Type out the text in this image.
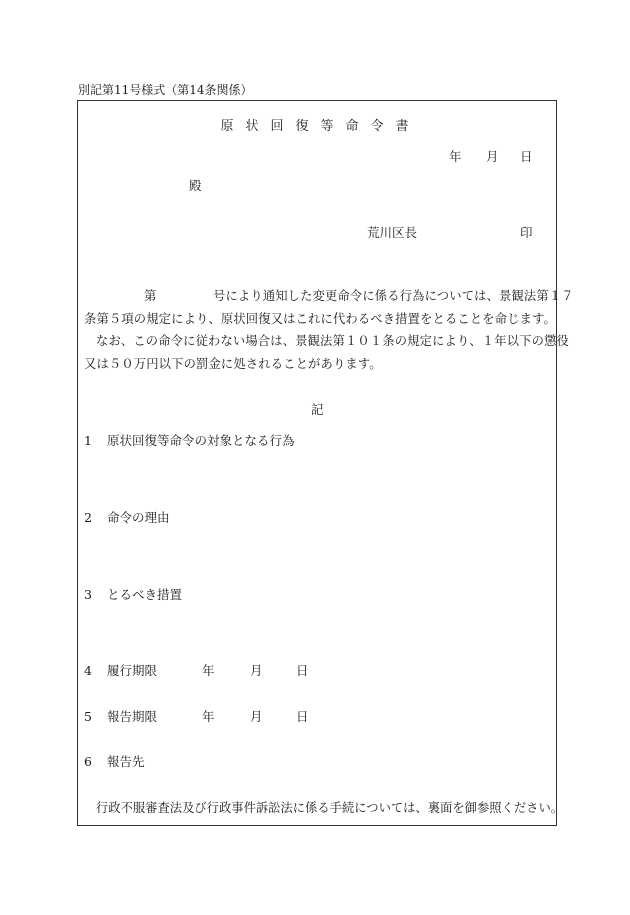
別記第11号様式（第14条関係）
原 状 回 復 等 命 令 書
年 月 日
殿
荒川区長	印
第	号により通知した変更命令に係る行為については、景観法第１７
条第５項の規定により、原状回復又はこれに代わるべき措置をとることを命じます。
なお、この命令に従わない場合は、景観法第１０１条の規定により、１年以下の懲役
又は５０万円以下の罰金に処されることがあります。
記
1 原状回復等命令の対象となる行為
2 命令の理由
3 とるべき措置
4 履行期限	年	月	日
5 報告期限	年	月	日
6 報告先
行政不服審査法及び行政事件訴訟法に係る手続については、裏面を御参照ください。
